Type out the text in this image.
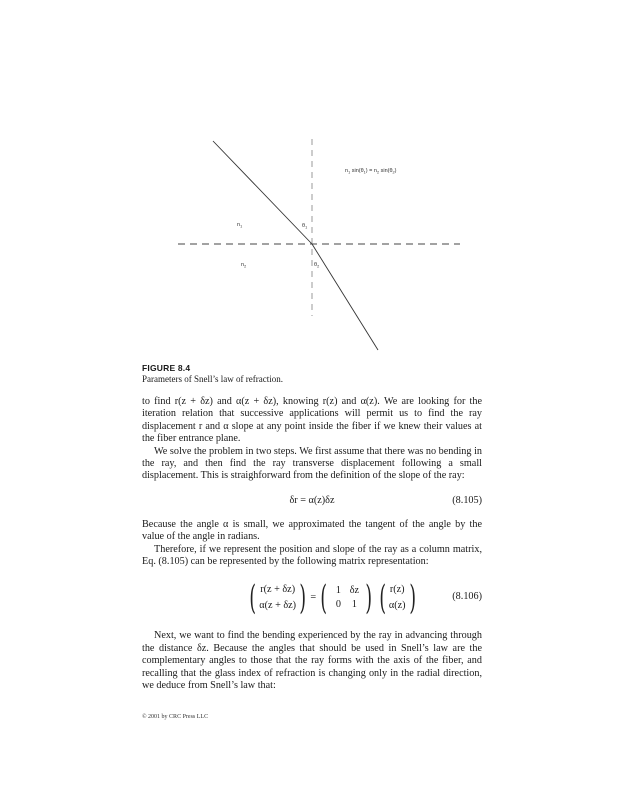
$n_1$ $\sin(\theta_1) = n_2$ $\sin(\theta_2)$
$n_1$
$n_2$
$\theta_1$
$\theta_2$
FIGURE 8.4
Parameters of Snell’s law of refraction.

to find r(z + δz) and α(z + δz), knowing r(z) and α(z). We are looking for the iteration relation that successive applications will permit us to find the ray displacement r and α slope at any point inside the fiber if we knew their values at the fiber entrance plane.

We solve the problem in two steps. We first assume that there was no bending in the ray, and then find the ray transverse displacement following a small displacement. This is straighforward from the definition of the slope of the ray:

δr = α(z)δz	(8.105)

Because the angle α is small, we approximated the tangent of the angle by the value of the angle in radians.

Therefore, if we represent the position and slope of the ray as a column matrix, Eq. (8.105) can be represented by the following matrix representation:

( r(z + δz)
α(z + δz) ) = ( 1 δz
0	1 ) ( r(z)
α(z) )	(8.106)

Next, we want to find the bending experienced by the ray in advancing through the distance δz. Because the angles that should be used in Snell’s law are the complementary angles to those that the ray forms with the axis of the fiber, and recalling that the glass index of refraction is changing only in the radial direction, we deduce from Snell’s law that:

© 2001 by CRC Press LLC
